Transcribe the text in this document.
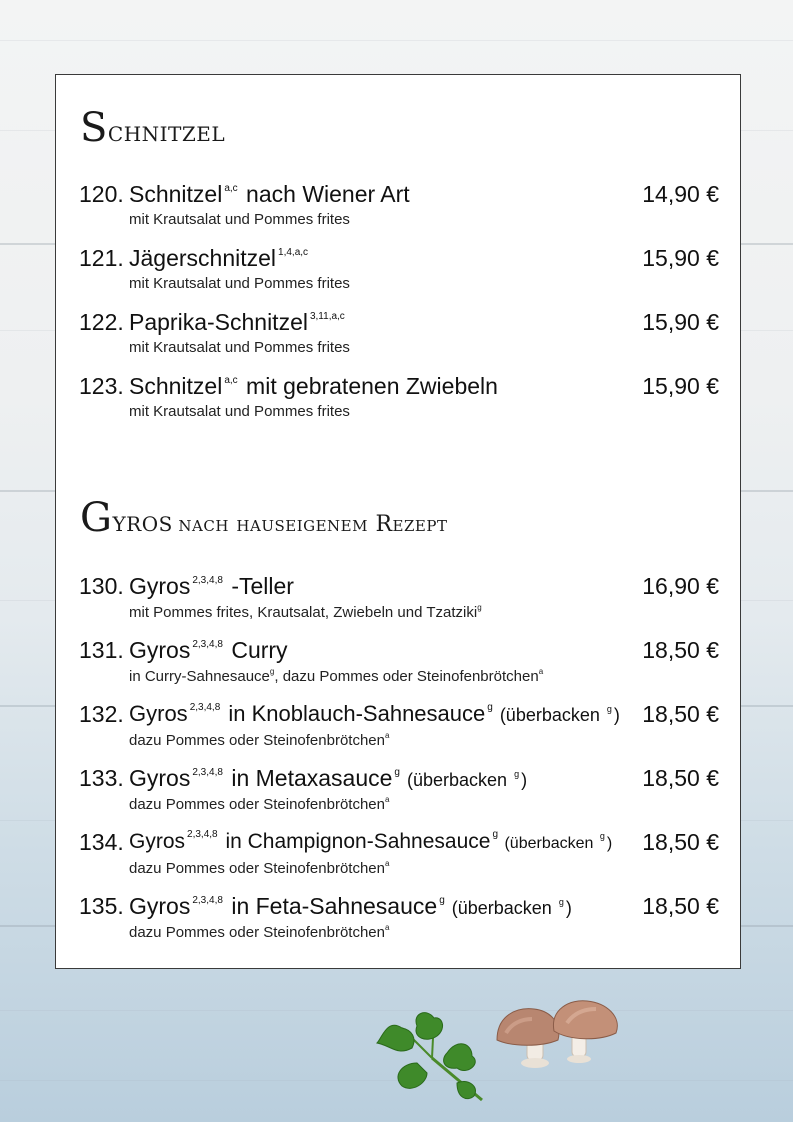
Schnitzel
120. Schnitzel $^{a,c}$ nach Wiener Art	14,90 €
mit Krautsalat und Pommes frites
121. Jägerschnitzel $^{1,4,a,c}$	15,90 €
mit Krautsalat und Pommes frites
122. Paprika-Schnitzel $^{3,11,a,c}$	15,90 €
mit Krautsalat und Pommes frites
123. Schnitzel $^{a,c}$ mit gebratenen Zwiebeln	15,90 €
mit Krautsalat und Pommes frites
Gyros nach hauseigenem Rezept
130. Gyros $^{2,3,4,8}$ -Teller	16,90 €
mit Pommes frites, Krautsalat, Zwiebeln und Tzatziki$^g$
131. Gyros $^{2,3,4,8}$ Curry	18,50 €
in Curry-Sahnesauce$^g$, dazu Pommes oder Steinofenbrötchen$^a$
132. Gyros $^{2,3,4,8}$ in Knoblauch-Sahnesauce $^g$ (überbacken $^g$ ) 18,50 €
dazu Pommes oder Steinofenbrötchen$^a$
133. Gyros $^{2,3,4,8}$ in Metaxasauce $^g$ (überbacken $^g$ )	18,50 €
dazu Pommes oder Steinofenbrötchen$^a$
134. Gyros $^{2,3,4,8}$ in Champignon-Sahnesauce $^g$ (überbacken $^g$ ) 18,50 €
dazu Pommes oder Steinofenbrötchen$^a$
135. Gyros $^{2,3,4,8}$ in Feta-Sahnesauce $^g$ (überbacken $^g$ )	18,50 €
dazu Pommes oder Steinofenbrötchen$^a$
